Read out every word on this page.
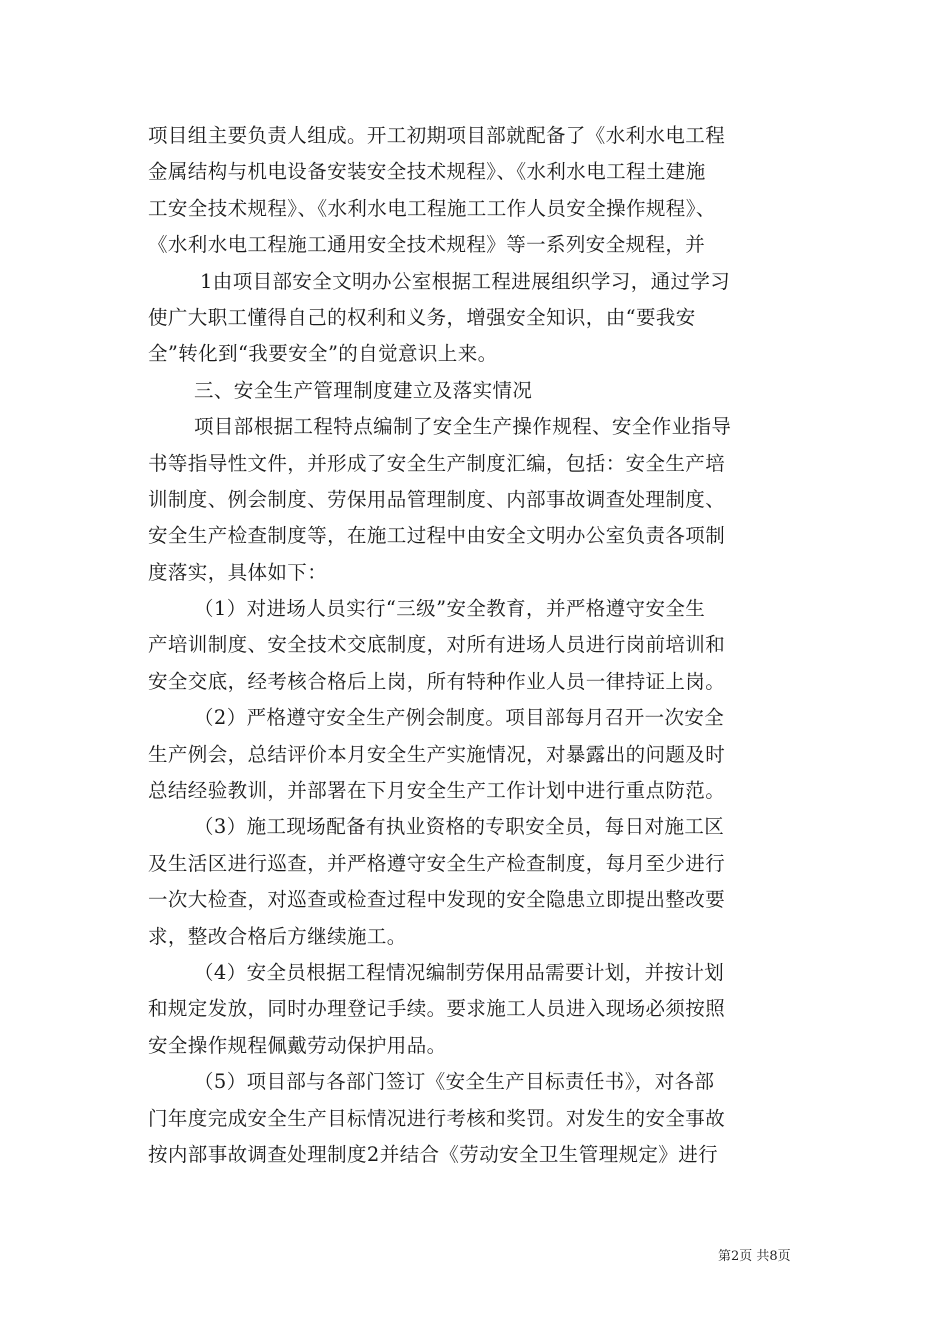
项目组主要负责人组成。开工初期项目部就配备了《水利水电工程
金属结构与机电设备安装安全技术规程》、《水利水电工程土建施
工安全技术规程》、《水利水电工程施工工作人员安全操作规程》、
《水利水电工程施工通用安全技术规程》等一系列安全规程，并
1由项目部安全文明办公室根据工程进展组织学习，通过学习
使广大职工懂得自己的权利和义务，增强安全知识，由“要我安
全”转化到“我要安全”的自觉意识上来。
三、安全生产管理制度建立及落实情况
项目部根据工程特点编制了安全生产操作规程、安全作业指导
书等指导性文件，并形成了安全生产制度汇编，包括：安全生产培
训制度、例会制度、劳保用品管理制度、内部事故调查处理制度、
安全生产检查制度等，在施工过程中由安全文明办公室负责各项制
度落实，具体如下：
（1）对进场人员实行“三级”安全教育，并严格遵守安全生
产培训制度、安全技术交底制度，对所有进场人员进行岗前培训和
安全交底，经考核合格后上岗，所有特种作业人员一律持证上岗。
（2）严格遵守安全生产例会制度。项目部每月召开一次安全
生产例会，总结评价本月安全生产实施情况，对暴露出的问题及时
总结经验教训，并部署在下月安全生产工作计划中进行重点防范。
（3）施工现场配备有执业资格的专职安全员，每日对施工区
及生活区进行巡查，并严格遵守安全生产检查制度，每月至少进行
一次大检查，对巡查或检查过程中发现的安全隐患立即提出整改要
求，整改合格后方继续施工。
（4）安全员根据工程情况编制劳保用品需要计划，并按计划
和规定发放，同时办理登记手续。要求施工人员进入现场必须按照
安全操作规程佩戴劳动保护用品。
（5）项目部与各部门签订《安全生产目标责任书》，对各部
门年度完成安全生产目标情况进行考核和奖罚。对发生的安全事故
按内部事故调查处理制度2并结合《劳动安全卫生管理规定》进行
第2页 共8页
